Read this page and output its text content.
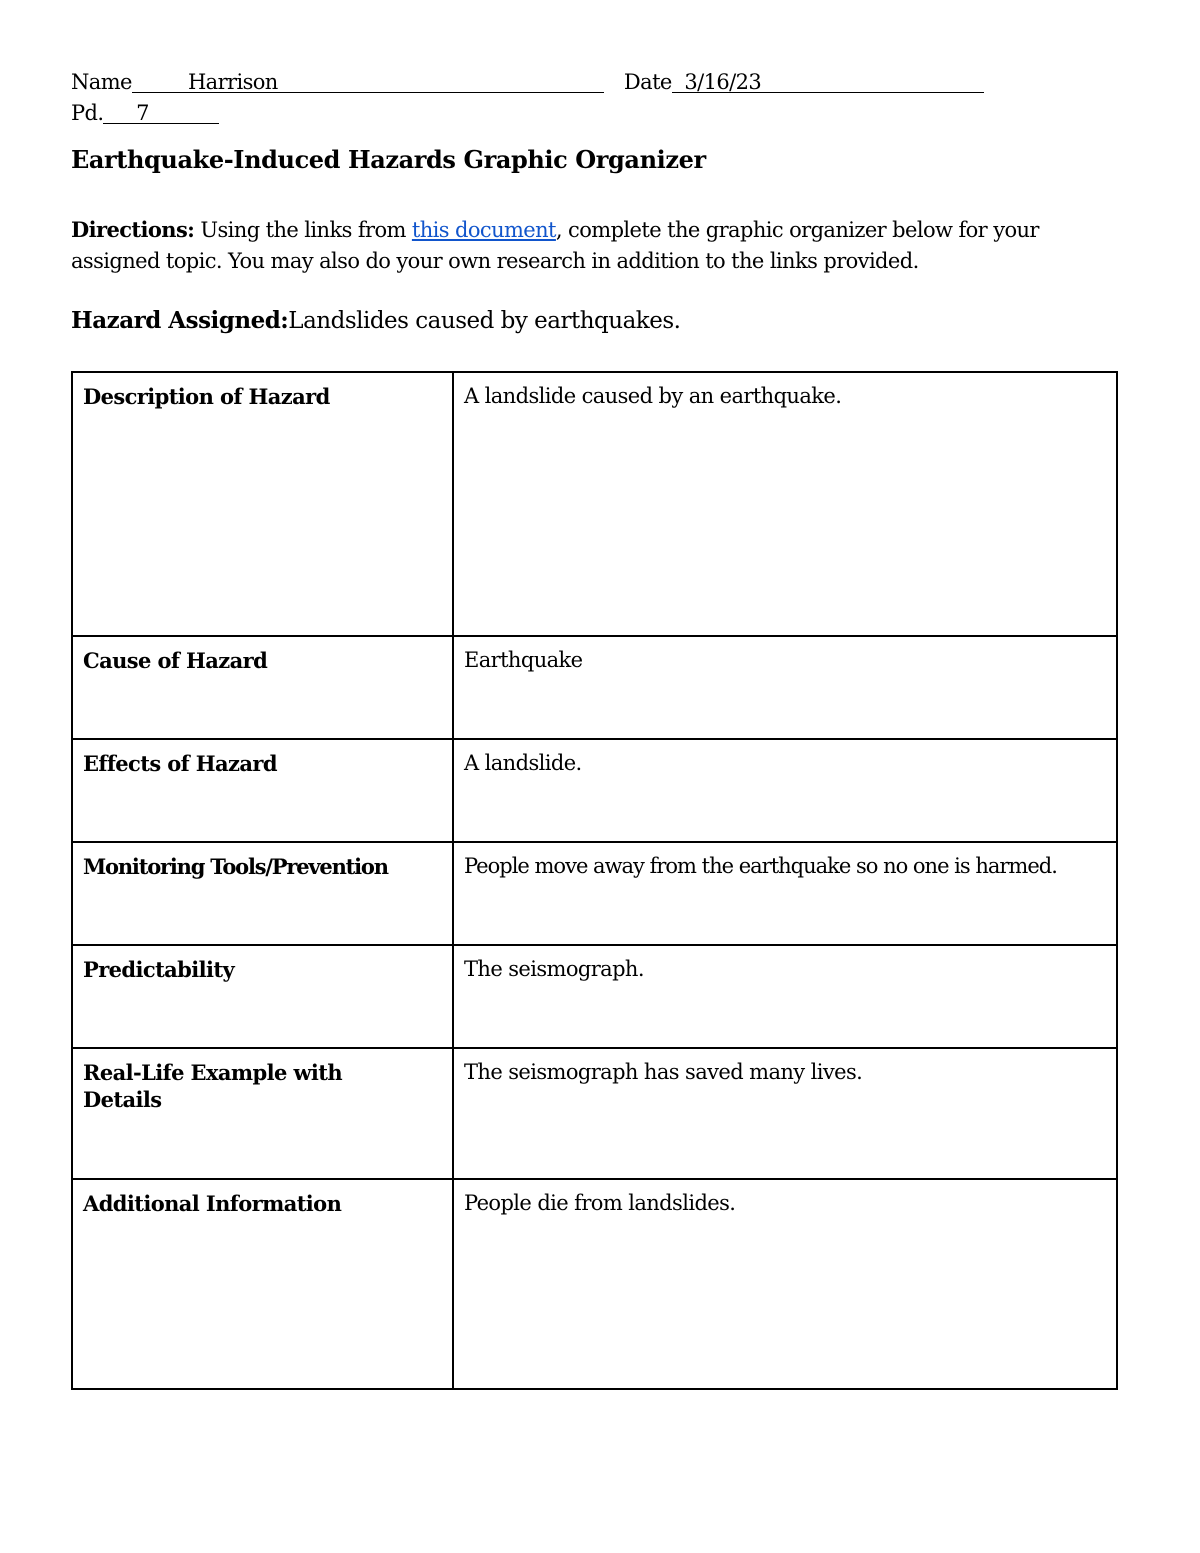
Name	Harrison	Date 3/16/23
Pd. 7
Earthquake-Induced Hazards Graphic Organizer
Directions: Using the links from this document, complete the graphic organizer below for your assigned topic. You may also do your own research in addition to the links provided.
Hazard Assigned:Landslides caused by earthquakes.
Description of Hazard	A landslide caused by an earthquake.
Cause of Hazard	Earthquake
Effects of Hazard	A landslide.
Monitoring Tools/Prevention	People move away from the earthquake so no one is harmed.
Predictability	The seismograph.
Real-Life Example with Details	The seismograph has saved many lives.
Additional Information	People die from landslides.
